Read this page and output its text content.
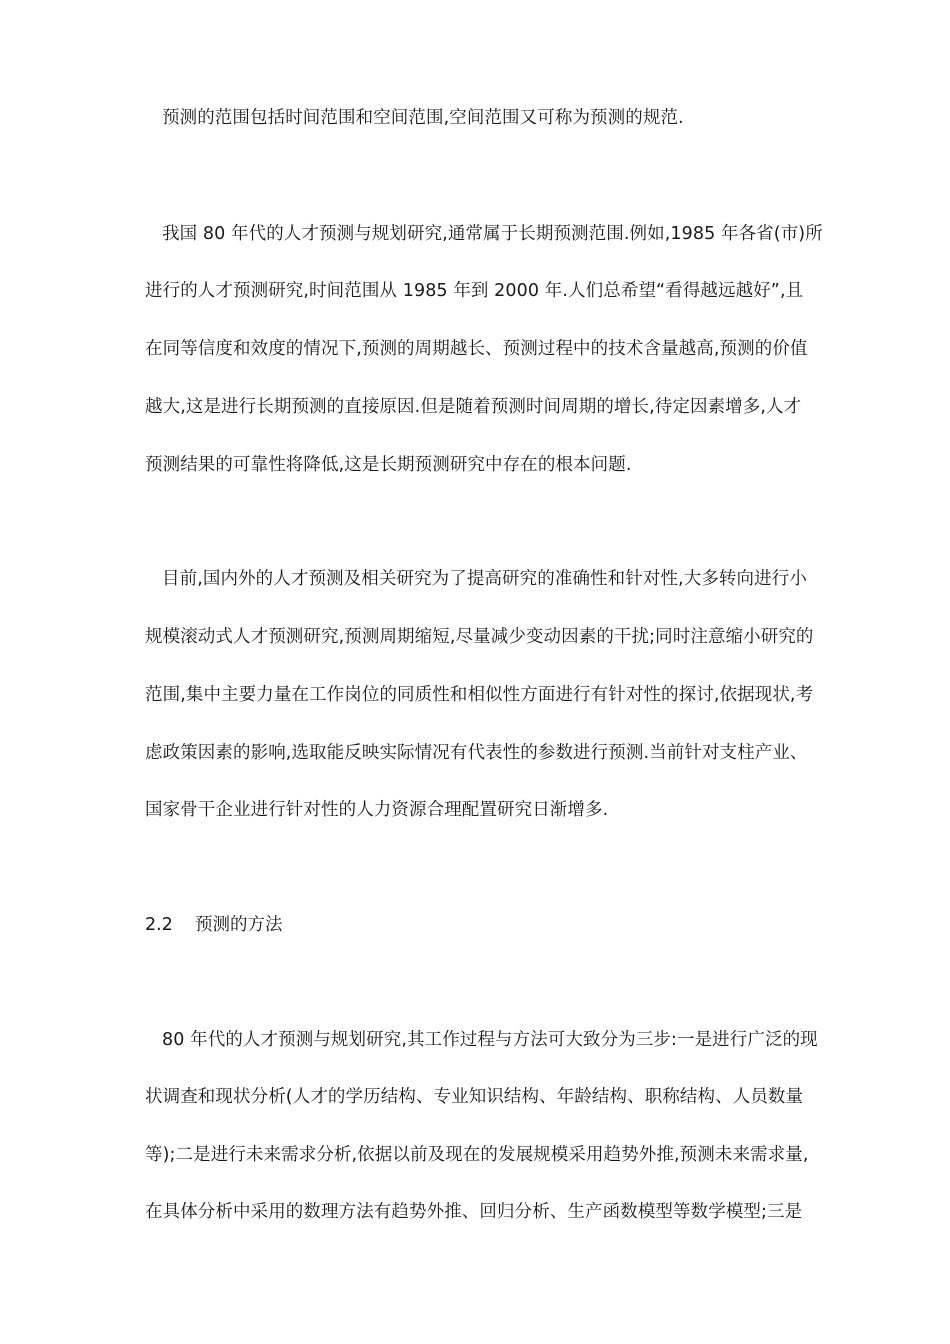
预测的范围包括时间范围和空间范围,空间范围又可称为预测的规范.
我国 80 年代的人才预测与规划研究,通常属于长期预测范围.例如,1985 年各省(市)所
进行的人才预测研究,时间范围从 1985 年到 2000 年.人们总希望“看得越远越好”,且
在同等信度和效度的情况下,预测的周期越长、预测过程中的技术含量越高,预测的价值
越大,这是进行长期预测的直接原因.但是随着预测时间周期的增长,待定因素增多,人才
预测结果的可靠性将降低,这是长期预测研究中存在的根本问题.
目前,国内外的人才预测及相关研究为了提高研究的准确性和针对性,大多转向进行小
规模滚动式人才预测研究,预测周期缩短,尽量减少变动因素的干扰;同时注意缩小研究的
范围,集中主要力量在工作岗位的同质性和相似性方面进行有针对性的探讨,依据现状,考
虑政策因素的影响,选取能反映实际情况有代表性的参数进行预测.当前针对支柱产业、
国家骨干企业进行针对性的人力资源合理配置研究日渐增多.
2.2 预测的方法
80 年代的人才预测与规划研究,其工作过程与方法可大致分为三步:一是进行广泛的现
状调查和现状分析(人才的学历结构、专业知识结构、年龄结构、职称结构、人员数量
等);二是进行未来需求分析,依据以前及现在的发展规模采用趋势外推,预测未来需求量,
在具体分析中采用的数理方法有趋势外推、回归分析、生产函数模型等数学模型;三是
